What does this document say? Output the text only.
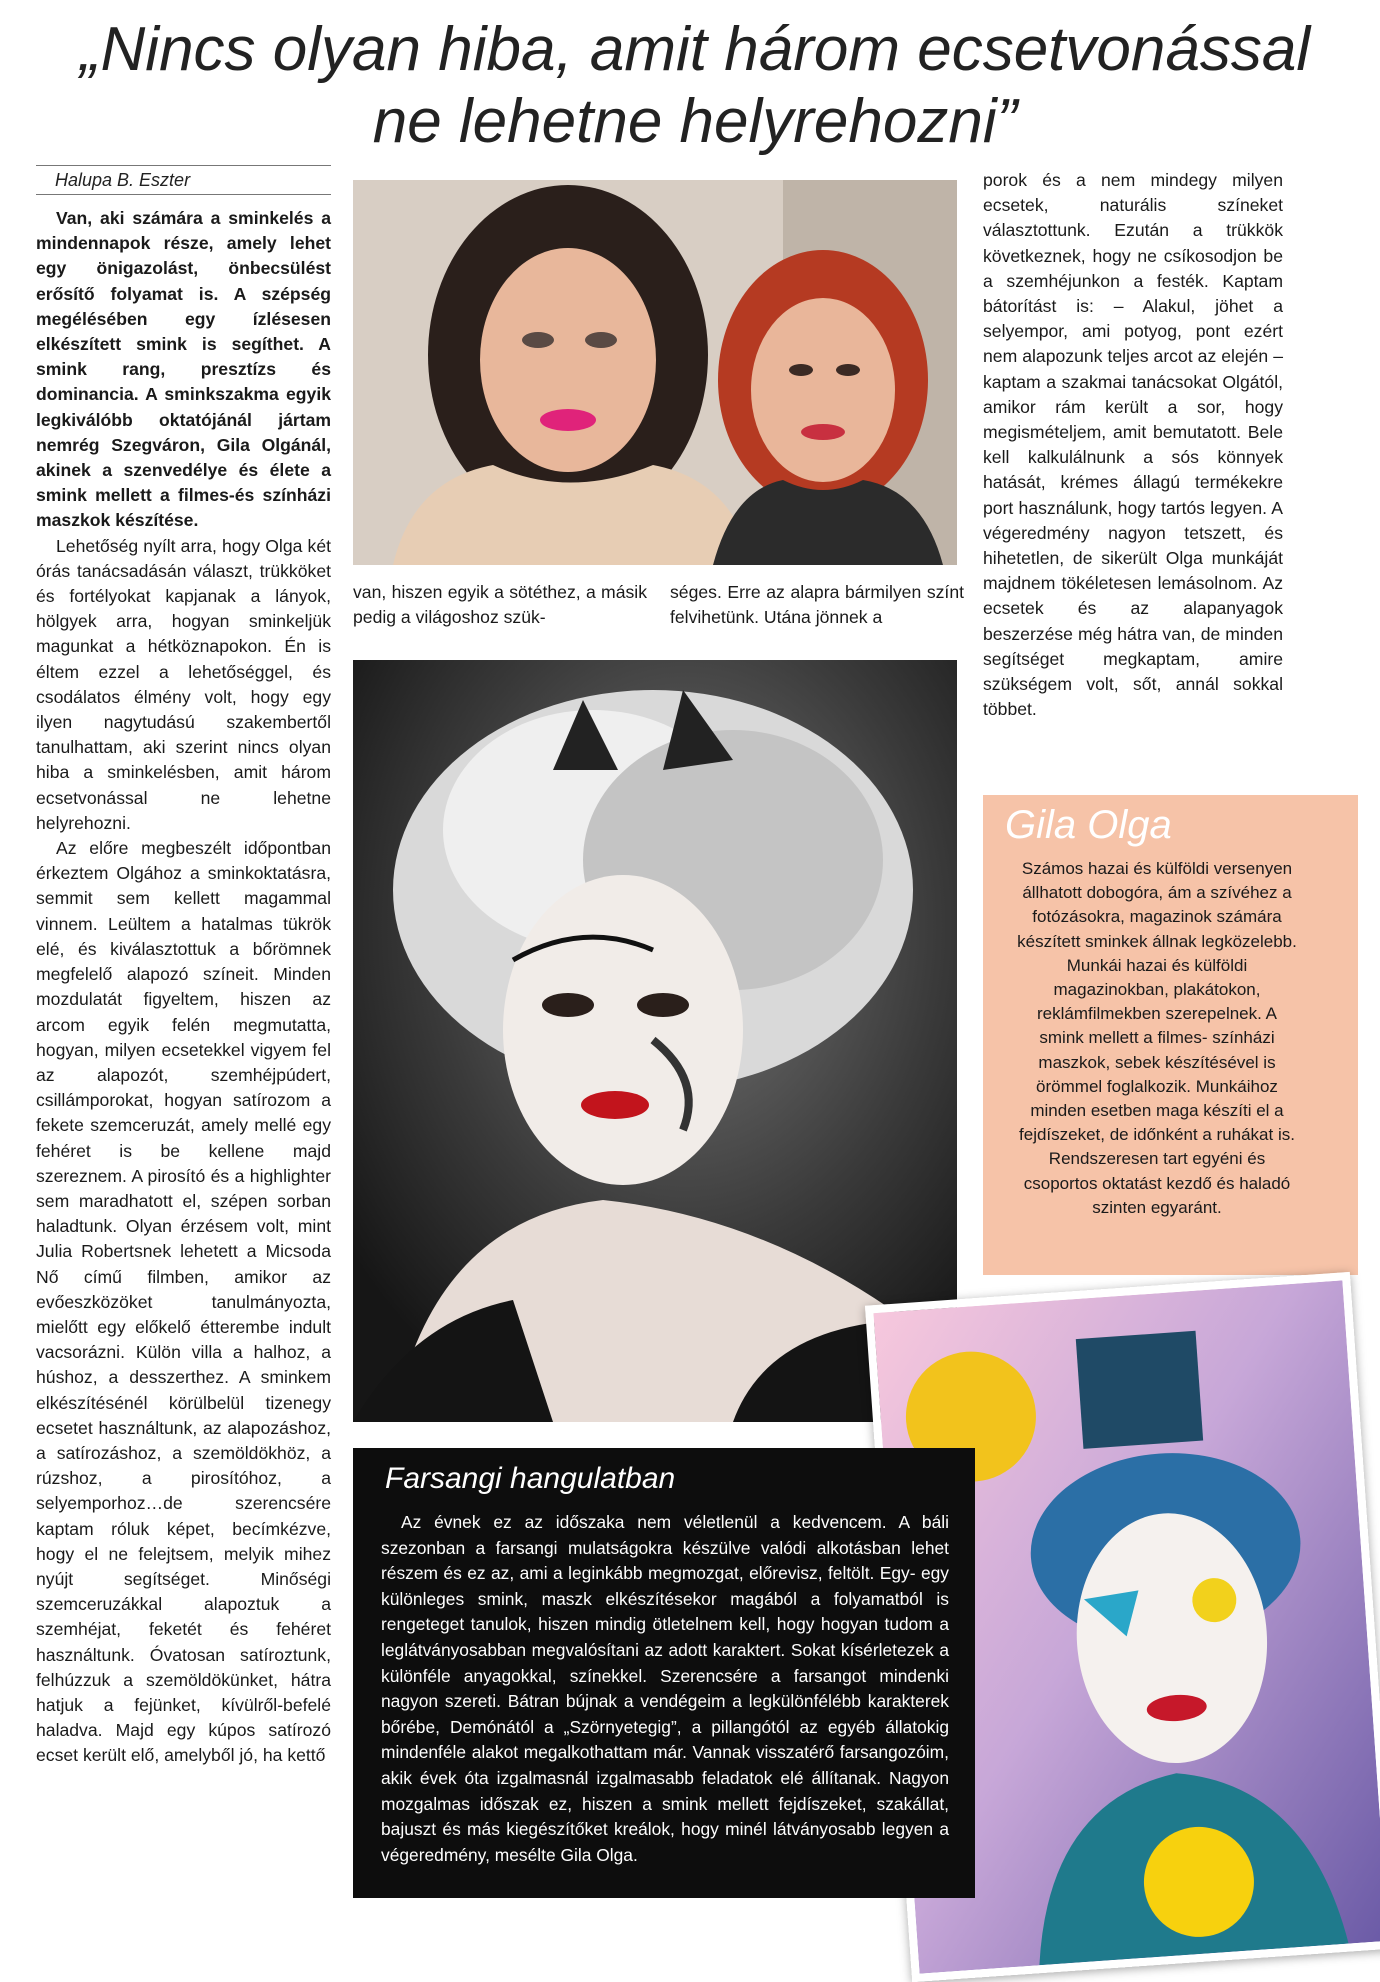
„Nincs olyan hiba, amit három ecsetvonással
ne lehetne helyrehozni”
Halupa B. Eszter

Van, aki számára a sminkelés a mindennapok része, amely lehet egy önigazolást, önbecsülést erősítő folyamat is. A szépség megélésében egy ízlésesen elkészített smink is segíthet. A smink rang, presztízs és dominancia. A sminkszakma egyik legkiválóbb oktatójánál jártam nemrég Szegváron, Gila Olgánál, akinek a szenvedélye és élete a smink mellett a filmes-és színházi maszkok készítése.

Lehetőség nyílt arra, hogy Olga két órás tanácsadásán választ, trükköket és fortélyokat kapjanak a lányok, hölgyek arra, hogyan sminkeljük magunkat a hétköznapokon. Én is éltem ezzel a lehetőséggel, és csodálatos élmény volt, hogy egy ilyen nagytudású szakembertől tanulhattam, aki szerint nincs olyan hiba a sminkelésben, amit három ecsetvonással ne lehetne helyrehozni.

Az előre megbeszélt időpontban érkeztem Olgához a sminkoktatásra, semmit sem kellett magammal vinnem. Leültem a hatalmas tükrök elé, és kiválasztottuk a bőrömnek megfelelő alapozó színeit. Minden mozdulatát figyeltem, hiszen az arcom egyik felén megmutatta, hogyan, milyen ecsetekkel vigyem fel az alapozót, szemhéjpúdert, csillámporokat, hogyan satírozom a fekete szemceruzát, amely mellé egy fehéret is be kellene majd szereznem. A pirosító és a highlighter sem maradhatott el, szépen sorban haladtunk. Olyan érzésem volt, mint Julia Robertsnek lehetett a Micsoda Nő című filmben, amikor az evőeszközöket tanulmányozta, mielőtt egy előkelő étterembe indult vacsorázni. Külön villa a halhoz, a húshoz, a desszerthez. A sminkem elkészítésénél körülbelül tizenegy ecsetet használtunk, az alapozáshoz, a satírozáshoz, a szemöldökhöz, a rúzshoz, a pirosítóhoz, a selyemporhoz…de szerencsére kaptam róluk képet, becímkézve, hogy el ne felejtsem, melyik mihez nyújt segítséget. Minőségi szemceruzákkal alapoztuk a szemhéjat, feketét és fehéret használtunk. Óvatosan satíroztunk, felhúzzuk a szemöldökünket, hátra hatjuk a fejünket, kívülről-befelé haladva. Majd egy kúpos satírozó ecset került elő, amelyből jó, ha kettő

van, hiszen egyik a sötéthez, a másik pedig a világoshoz szük-

séges. Erre az alapra bármilyen színt felvihetünk. Utána jönnek a

porok és a nem mindegy milyen ecsetek, naturális színeket választottunk. Ezután a trükkök következnek, hogy ne csíkosodjon be a szemhéjunkon a festék. Kaptam bátorítást is: – Alakul, jöhet a selyempor, ami potyog, pont ezért nem alapozunk teljes arcot az elején – kaptam a szakmai tanácsokat Olgától, amikor rám került a sor, hogy megismételjem, amit bemutatott. Bele kell kalkulálnunk a sós könnyek hatását, krémes állagú termékekre port használunk, hogy tartós legyen. A végeredmény nagyon tetszett, és hihetetlen, de sikerült Olga munkáját majdnem tökéletesen lemásolnom. Az ecsetek és az alapanyagok beszerzése még hátra van, de minden segítséget megkaptam, amire szükségem volt, sőt, annál sokkal többet.

Gila Olga
Számos hazai és külföldi versenyen állhatott dobogóra, ám a szívéhez a fotózásokra, magazinok számára készített sminkek állnak legközelebb. Munkái hazai és külföldi magazinokban, plakátokon, reklámfilmekben szerepelnek. A smink mellett a filmes- színházi maszkok, sebek készítésével is örömmel foglalkozik. Munkáihoz minden esetben maga készíti el a fejdíszeket, de időnként a ruhákat is. Rendszeresen tart egyéni és csoportos oktatást kezdő és haladó szinten egyaránt.
Farsangi hangulatban

Az évnek ez az időszaka nem véletlenül a kedvencem. A báli szezonban a farsangi mulatságokra készülve valódi alkotásban lehet részem és ez az, ami a leginkább megmozgat, előrevisz, feltölt. Egy- egy különleges smink, maszk elkészítésekor magából a folyamatból is rengeteget tanulok, hiszen mindig ötletelnem kell, hogy hogyan tudom a leglátványosabban megvalósítani az adott karaktert. Sokat kísérletezek a különféle anyagokkal, színekkel. Szerencsére a farsangot mindenki nagyon szereti. Bátran bújnak a vendégeim a legkülönfélébb karakterek bőrébe, Demónától a „Szörnyetegig”, a pillangótól az egyéb állatokig mindenféle alakot megalkothattam már. Vannak visszatérő farsangozóim, akik évek óta izgalmasnál izgalmasabb feladatok elé állítanak. Nagyon mozgalmas időszak ez, hiszen a smink mellett fejdíszeket, szakállat, bajuszt és más kiegészítőket kreálok, hogy minél látványosabb legyen a végeredmény, mesélte Gila Olga.
